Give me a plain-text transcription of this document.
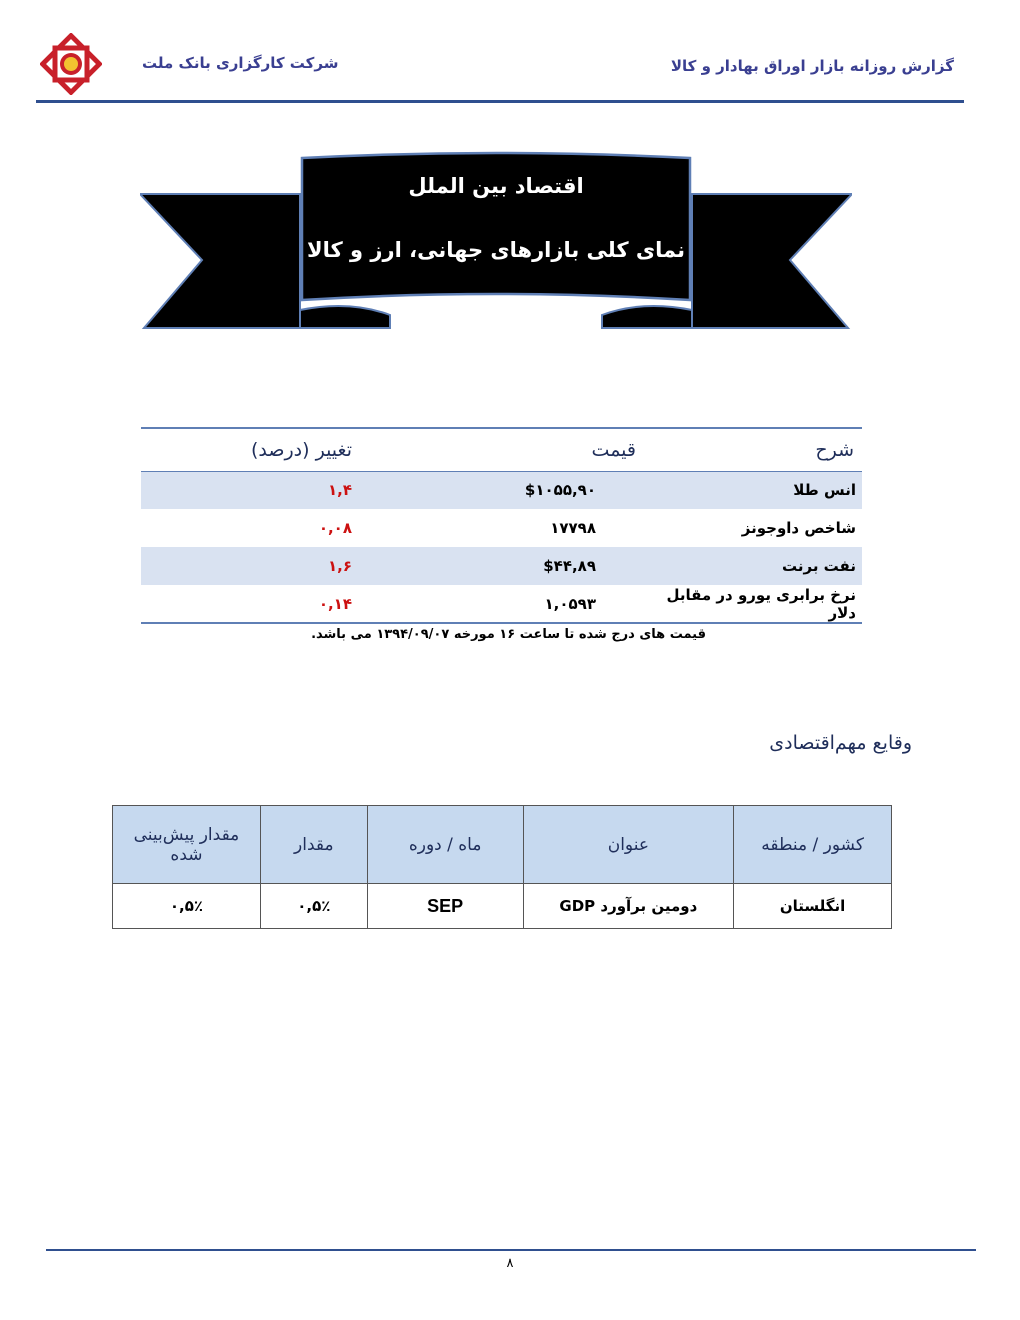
شرکت کارگزاری بانک ملت	گزارش روزانه بازار اوراق بهادار و کالا
اقتصاد بین الملل
نمای کلی بازارهای جهانی، ارز و کالا
شرح	قیمت	تغییر (درصد)
انس طلا	$۱۰۵۵,۹۰	۱,۴
شاخص داوجونز	۱۷۷۹۸	۰,۰۸
نفت برنت	$۴۴,۸۹	۱,۶
نرخ برابری یورو در مقابل دلار	۱,۰۵۹۳	۰,۱۴
قیمت های درج شده تا ساعت ۱۶ مورخه ۱۳۹۴/۰۹/۰۷ می باشد.
وقایع مهم‌اقتصادی
کشور / منطقه	عنوان	ماه / دوره	مقدار	مقدار پیش‌بینی شده
انگلستان	دومین برآورد GDP	SEP	۰,۵٪	۰,۵٪
۸
